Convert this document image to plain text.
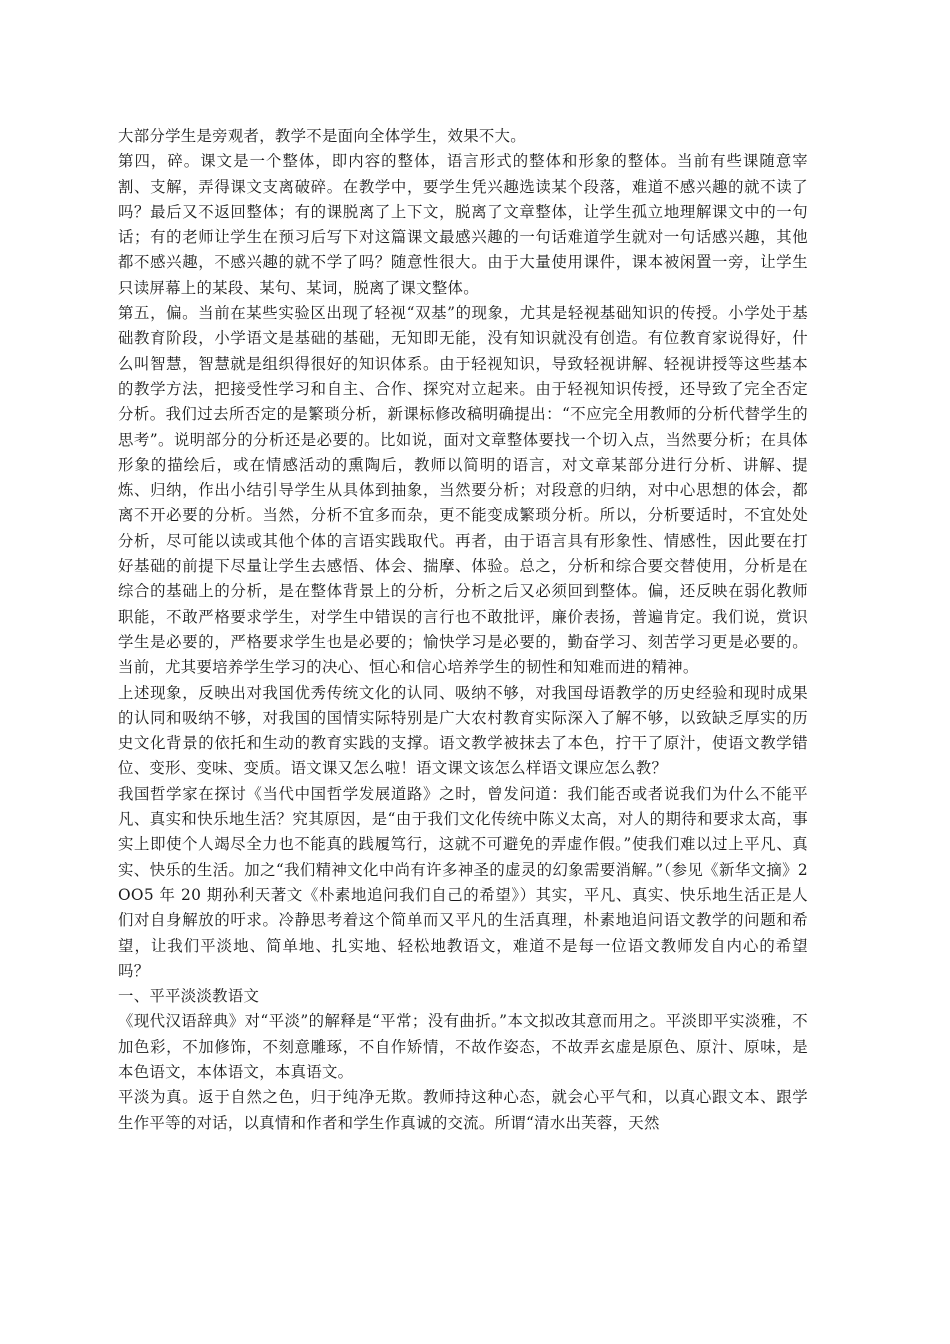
大部分学生是旁观者，教学不是面向全体学生，效果不大。

第四，碎。课文是一个整体，即内容的整体，语言形式的整体和形象的整体。当前有些课随意宰割、支解，弄得课文支离破碎。在教学中，要学生凭兴趣选读某个段落，难道不感兴趣的就不读了吗？最后又不返回整体；有的课脱离了上下文，脱离了文章整体，让学生孤立地理解课文中的一句话；有的老师让学生在预习后写下对这篇课文最感兴趣的一句话难道学生就对一句话感兴趣，其他都不感兴趣，不感兴趣的就不学了吗？随意性很大。由于大量使用课件，课本被闲置一旁，让学生只读屏幕上的某段、某句、某词，脱离了课文整体。

第五，偏。当前在某些实验区出现了轻视“双基”的现象，尤其是轻视基础知识的传授。小学处于基础教育阶段，小学语文是基础的基础，无知即无能，没有知识就没有创造。有位教育家说得好，什么叫智慧，智慧就是组织得很好的知识体系。由于轻视知识，导致轻视讲解、轻视讲授等这些基本的教学方法，把接受性学习和自主、合作、探究对立起来。由于轻视知识传授，还导致了完全否定分析。我们过去所否定的是繁琐分析，新课标修改稿明确提出：“不应完全用教师的分析代替学生的思考”。说明部分的分析还是必要的。比如说，面对文章整体要找一个切入点，当然要分析；在具体形象的描绘后，或在情感活动的熏陶后，教师以简明的语言，对文章某部分进行分析、讲解、提炼、归纳，作出小结引导学生从具体到抽象，当然要分析；对段意的归纳，对中心思想的体会，都离不开必要的分析。当然，分析不宜多而杂，更不能变成繁琐分析。所以，分析要适时，不宜处处分析，尽可能以读或其他个体的言语实践取代。再者，由于语言具有形象性、情感性，因此要在打好基础的前提下尽量让学生去感悟、体会、揣摩、体验。总之，分析和综合要交替使用，分析是在综合的基础上的分析，是在整体背景上的分析，分析之后又必须回到整体。偏，还反映在弱化教师职能，不敢严格要求学生，对学生中错误的言行也不敢批评，廉价表扬，普遍肯定。我们说，赏识学生是必要的，严格要求学生也是必要的；愉快学习是必要的，勤奋学习、刻苦学习更是必要的。当前，尤其要培养学生学习的决心、恒心和信心培养学生的韧性和知难而进的精神。

上述现象，反映出对我国优秀传统文化的认同、吸纳不够，对我国母语教学的历史经验和现时成果的认同和吸纳不够，对我国的国情实际特别是广大农村教育实际深入了解不够，以致缺乏厚实的历史文化背景的依托和生动的教育实践的支撑。语文教学被抹去了本色，拧干了原汁，使语文教学错位、变形、变味、变质。语文课又怎么啦！语文课文该怎么样语文课应怎么教？

我国哲学家在探讨《当代中国哲学发展道路》之时，曾发问道：我们能否或者说我们为什么不能平凡、真实和快乐地生活？究其原因，是“由于我们文化传统中陈义太高，对人的期待和要求太高，事实上即使个人竭尽全力也不能真的践履笃行，这就不可避免的弄虚作假。”使我们难以过上平凡、真实、快乐的生活。加之“我们精神文化中尚有许多神圣的虚灵的幻象需要消解。”（参见《新华文摘》2OO5 年 20 期孙利天著文《朴素地追问我们自己的希望》）其实，平凡、真实、快乐地生活正是人们对自身解放的吁求。冷静思考着这个简单而又平凡的生活真理，朴素地追问语文教学的问题和希望，让我们平淡地、简单地、扎实地、轻松地教语文，难道不是每一位语文教师发自内心的希望吗？

一、平平淡淡教语文

《现代汉语辞典》对“平淡”的解释是“平常；没有曲折。”本文拟改其意而用之。平淡即平实淡雅，不加色彩，不加修饰，不刻意雕琢，不自作矫情，不故作姿态，不故弄玄虚是原色、原汁、原味，是本色语文，本体语文，本真语文。

平淡为真。返于自然之色，归于纯净无欺。教师持这种心态，就会心平气和，以真心跟文本、跟学生作平等的对话，以真情和作者和学生作真诚的交流。所谓“清水出芙蓉，天然
